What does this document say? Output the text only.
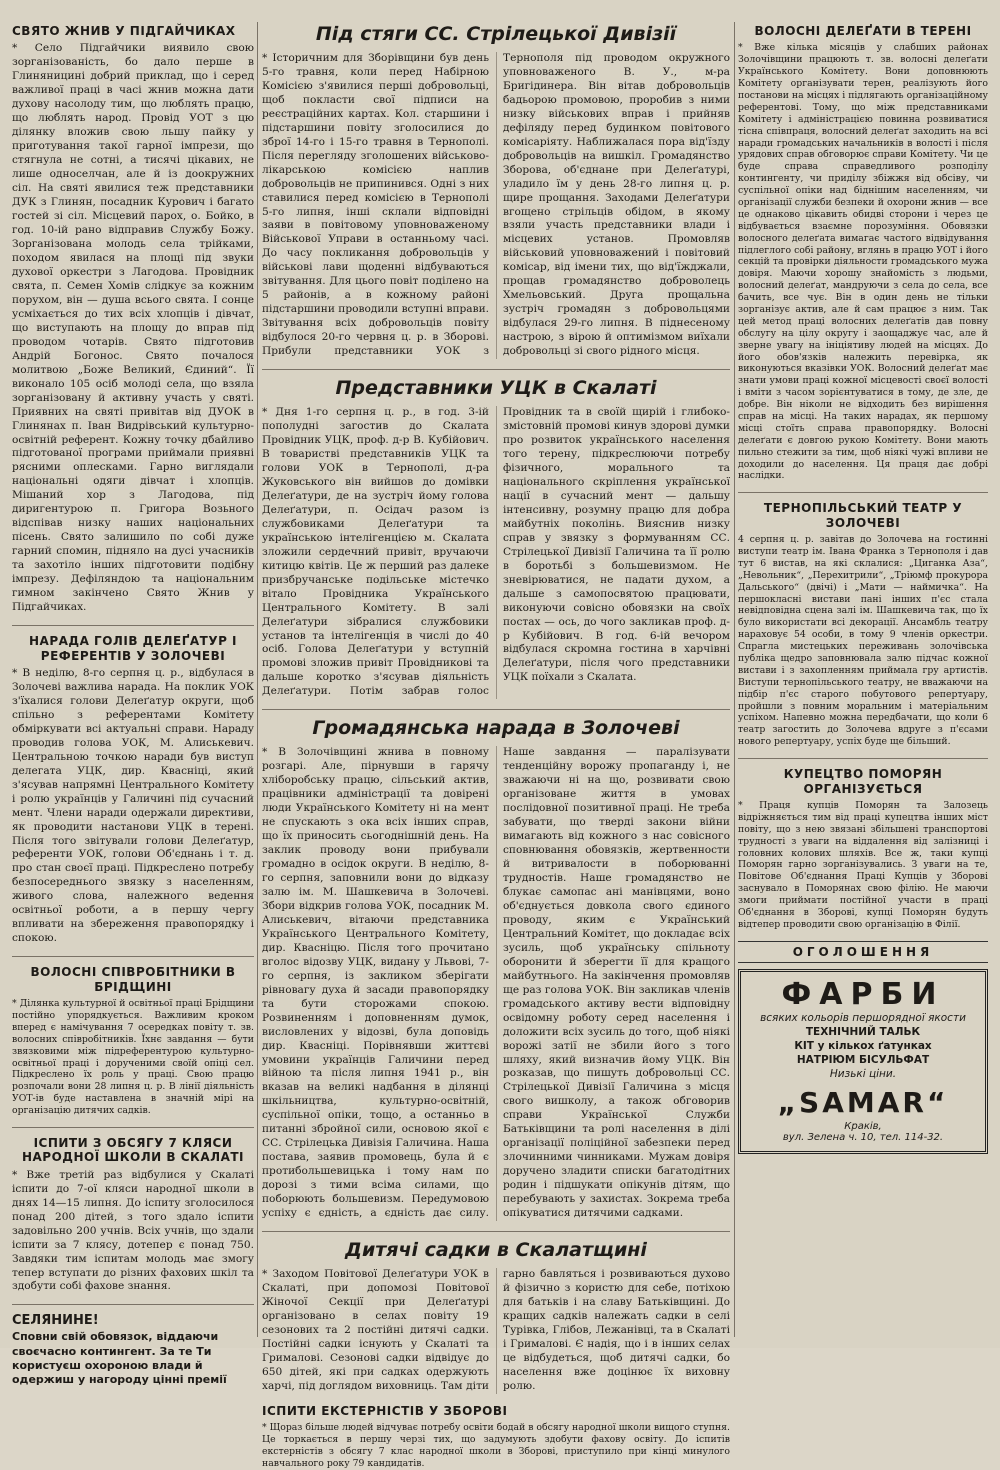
СВЯТО ЖНИВ У ПІДГАЙЧИКАХ

* Село Підгайчики виявило свою зорганізованість, бо дало перше в Глиняницині добрий приклад, що і серед важливої праці в часі жнив можна дати духову насолоду тим, що люблять працю, що люблять народ. Провід УОТ з цю ділянку вложив свою льшу пайку у приготування такої гарної імпрези, що стягнула не сотні, а тисячі цікавих, не лише односелчан, але й із доокружних сіл. На святі явилися теж представники ДУК з Глинян, посадник Курович і багато гостей зі сіл. Місцевий парох, о. Бойко, в год. 10-ій рано відправив Службу Божу. Зорганізована молодь села трійками, походом явилася на площі під звуки духової оркестри з Лагодова. Провідник свята, п. Семен Хомів слідкує за кожним порухом, він — душа всього свята. І сонце усміхається до тих всіх хлопців і дівчат, що виступають на площу до вправ під проводом чотарів. Свято підготовив Андрій Богонос. Свято почалося молитвою „Боже Великий, Єдиний“. Її виконало 105 осіб молоді села, що взяла зорганізовану й активну участь у святі. Приявних на святі привітав від ДУОК в Глинянах п. Іван Видрівський культурно-освітній референт. Кожну точку дбайливо підготованої програми приймали приявні рясними оплесками. Гарно виглядали національні одяги дівчат і хлопців. Мішаний хор з Лагодова, під диригентурою п. Григора Возьного відспівав низку наших національних пісень. Свято залишило по собі дуже гарний спомин, підняло на дусі учасників та захотіло інших підготовити подібну імпрезу. Дефіляндою та національним гимном закінчено Свято Жнив у Підгайчиках.

НАРАДА ГОЛІВ ДЕЛЕҐАТУР І РЕФЕРЕНТІВ У ЗОЛОЧЕВІ

* В неділю, 8-го серпня ц. р., відбулася в Золочеві важлива нарада. На поклик УОК з'їхалися голови Делеґатур округи, щоб спільно з референтами Комітету обміркувати всі актуальні справи. Нараду проводив голова УОК, М. Алиськевич. Центральною точкою наради був виступ делегата УЦК, дир. Кваснiці, який з'ясував напрямні Центрального Комітету і ролю українців у Галичині під сучасний мент. Члени наради одержали директиви, як проводити настанови УЦК в терені. Після того звітували голови Делеґатур, референти УОК, голови Об'єднань і т. д. про стан своєї праці. Підкреслено потребу безпосереднього звязку з населенням, живого слова, належного ведення освітньої роботи, а в першу чергу впливати на збереження правопорядку і спокою.

ВОЛОСНІ СПІВРОБІТНИКИ В БРІДЩИНІ

* Ділянка культурної й освітньої праці Брідщини постійно упорядкується. Важливим кроком вперед є намічування 7 осередках повіту т. зв. волосних співробітників. Їхнє завдання — бути звязковими між підреферентурою культурно-освітньої праці і дорученими своїй опіці сел. Підкреслено їх роль у праці. Свою працю розпочали вони 28 липня ц. р. В лінії діяльність УОТ-ів буде наставлена в значній мірі на організацію дитячих садків.

ІСПИТИ З ОБСЯГУ 7 КЛЯСИ НАРОДНОЇ ШКОЛИ В СКАЛАТІ

* Вже третій раз відбулися у Скалаті іспити до 7-ої кляси народної школи в днях 14—15 липня. До іспиту зголосилося понад 200 дітей, з того здало іспити задовільно 200 учнів. Всіх учнів, що здали іспити за 7 клясу, дотепер є понад 750. Завдяки тим іспитам молодь має змогу тепер вступати до різних фахових шкіл та здобути собі фахове знання.

СЕЛЯНИНЕ!
Сповни свій обовязок, віддаючи своєчасно контингент. За те Ти користуєш охороною влади й одержиш у нагороду цінні премії
Під стяги СС. Стрілецької Дивізії

* Історичним для Зборівщини був день 5-го травня, коли перед Набірною Комісією з'явилися перші добровольці, щоб покласти свої підписи на реєстраційних картах. Кол. старшини і підстаршини повіту зголосилися до зброї 14-го і 15-го травня в Тернополі. Після перегляду зголошених військово-лікарською комісією наплив добровольців не припинився. Одні з них ставилися перед комісією в Тернополі 5-го липня, інші склали відповідні заяви в повітовому уповновaжeному Військової Управи в останньому часі. До часу покликання добровольців у військові лави щоденні відбуваються звітування. Для цього повіт поділено на 5 районів, а в кожному районі підстаршини проводили вступні вправи. Звітування всіх добровольців повіту відбулося 20-го червня ц. р. в Зборові. Прибули представники УОК з Тернополя під проводом окружного уповноваженого В. У., м-ра Бригідинера. Він вітав добровольців бадьорою промовою, проробив з ними низку військових вправ і прийняв дефіляду перед будинком повітового комісаріяту. Наближалася пора від'їзду добровольців на вишкіл. Громадянство Зборова, об'єднане при Делеґатурі, уладило їм у день 28-го липня ц. р. щире прощання. Заходами Делеґатури вгощено стрільців обідом, в якому взяли участь представники влади і місцевих установ. Промовляв військовий уповноважений і повітовий комісар, від імени тих, що від'їжджали, прощав громадянство доброволець Хмельовський. Друга прощальна зустріч громадян з добровольцями відбулася 29-го липня. В піднесеному настрою, з вірою й оптимізмом виїхали добровольці зі свого рідного місця.

Представники УЦК в Скалаті

* Дня 1-го серпня ц. р., в год. 3-ій пополудні загостив до Скалата Провідник УЦК, проф. д-р В. Кубійович. В товаристві представників УЦК та голови УОК в Тернополі, д-ра Жуковського він вийшов до домівки Делеґатури, де на зустріч йому голова Делеґатури, п. Осідач разом із службовиками Делеґатури та українською інтелігенцією м. Скалата зложили сердечний привіт, вручаючи китицю квітів. Це ж перший раз далеке призбручанське подільське містечко вітало Провідника Українського Центрального Комітету. В залі Делеґатури зібралися службовики установ та інтелігенція в числі до 40 осіб. Голова Делеґатури у вступній промові зложив привіт Провідникові та дальше коротко з'ясував діяльність Делеґатури. Потім забрав голос Провідник та в своїй щирій і глибоко-змістовній промові кинув здорові думки про розвиток українського населення того терену, підкреслюючи потребу фізичного, морального та національного скріплення української нації в сучасний мент — дальшу інтенсивну, розумну працю для добра майбутніх поколінь. Вияснив низку справ у звязку з формуванням СС. Стрілецької Дивізії Галичина та її ролю в боротьбі з большевизмом. Не зневірюватися, не падати духом, а дальше з самопосвятою працювати, виконуючи совісно обовязки на своїх постах — ось, до чого закликав проф. д-р Кубійович. В год. 6-ій вечором відбулася скромна гостина в харчівні Делеґатури, після чого представники УЦК поїхали з Скалата.

Громадянська нарада в Золочеві

* В Золочівщині жнива в повному розгарі. Але, пірнувши в гарячу хліборобську працю, сільський актив, працівники адміністрації та довірені люди Українського Комітету ні на мент не спускають з ока всіх інших справ, що їх приносить сьогоднішній день. На заклик проводу вони прибували громадно в осідок округи. В неділю, 8-го серпня, заповнили вони до відказу залю ім. М. Шашкевича в Золочеві. Збори відкрив голова УОК, посадник М. Алиськевич, вітаючи представника Українського Центрального Комітету, дир. Кваснiцю. Після того прочитано вголос відозву УЦК, видану у Львові, 7-го серпня, із закликом зберігати рівновагу духа й засади правопорядку та бути сторожами спокою. Розвиненням і доповненням думок, висловлених у відозві, була доповідь дир. Кваснiці. Порівнявши життєві умовини українців Галичини перед війною та після липня 1941 р., він вказав на великі надбання в ділянці шкільництва, культурно-освітній, суспільної опіки, тощо, а останньо в питанні збройної сили, основою якої є СС. Стрілецька Дивізія Галичина. Наша постава, заявив промовець, була й є протибольшевицька і тому нам по дорозі з тими всіма силами, що поборюють большевизм. Передумовою успіху є єдність, а єдність дає силу. Наше завдання — паралізувати тенденційну ворожу пропаганду і, не звaжаючи ні на що, розвивати свою організоване життя в умовах послідовної позитивної праці. Не треба забувати, що тверді закони війни вимагають від кожного з нас совісного сповнювання обовязків, жертвенности й витривалости в поборюванні трудностів. Наше громадянство не блукає самопас ані манівцями, воно об'єднується довкола свого єдиного проводу, яким є Український Центральний Комітет, що докладає всіх зусиль, щоб українську спільноту оборонити й зберегти її для кращого майбутнього. На закінчення промовляв ще раз голова УОК. Він закликав членів громадського активу вести відповідну освідомну роботу серед населення і доложити всіх зусиль до того, щоб ніякі ворожі затії не збили його з того шляху, який визначив йому УЦК. Він розказав, що пишуть добровольці СС. Стрілецької Дивізії Галичина з місця свого вишколу, а також обговорив справи Української Служби Батьківщини та ролі населення в ділі організації поліційної забезпеки перед злочинними чинниками. Мужам довіря доручено зладити списки багатодітних родин і підшукати опікунів дітям, що перебувають у захистах. Зокрема треба опікуватися дитячими садками.

Дитячі садки в Скалатщині

* Заходом Повітової Делеґатури УОК в Скалаті, при допомозі Повітової Жіночої Секції при Делеґатурі організовано в селах повіту 19 сезонових та 2 постійні дитячі садки. Постійні садки існують у Скалаті та Грималові. Сезонові садки відвідує до 650 дітей, які при садках одержують харчі, під доглядом виховниць. Там діти гарно бавляться і розвиваються духово й фізично з користю для себе, потіхою для батьків і на славу Батьківщині. До кращих садків належать садки в селі Турівка, Глібов, Лежанівці, та в Скалаті і Грималові. Є надія, що і в інших селах це відбудеться, щоб дитячі садки, бо населення вже доцінює їх виховну ролю.

ІСПИТИ ЕКСТЕРНІСТІВ У ЗБОРОВІ

* Щораз більше людей відчуває потребу освіти бодай в обсягу народної школи вищого ступня. Це торкається в першу черзі тих, що задумують здобути фахову освіту. До іспитів екстерністів з обсягу 7 клас народної школи в Зборові, приступило при кінці минулого навчального року 79 кандидатів.

ВОЛОСНІ ДЕЛЕҐАТИ В ТЕРЕНІ

* Вже кілька місяців у слабших районах Золочівщини працюють т. зв. волосні делеґати Українського Комітету. Вони доповнюють Комітету організувати терен, реалізують його постанови на місцях і підлягають організаційному референтові. Тому, що між представниками Комітету і адміністрацією повинна розвиватися тісна співпраця, волосний делеґат заходить на всі наради громадських начальників в волості і після урядових справ обговорює справи Комітету. Чи це буде справа справедливого розподілу контингенту, чи приділу збіжжя від обсіву, чи суспільної опіки над біднішим населенням, чи організації служби безпеки й охорони жнив — все це однаково цікавить обидві сторони і через це відбувається взаємне порозуміння. Обовязки волосного делеґата вимагає частого відвідування підлеглого собі району, вглянь в працю УОТ і його секцій та провірки діяльности громадського мужа довіря. Маючи хорошу знайомість з людьми, волосний делеґат, мандруючи з села до села, все бачить, все чує. Він в один день не тільки зорганізує актив, але й сам працює з ним. Так цей метод праці волосних делеґатів дав повну обслугу на цілу округу і заощаджує час, але й зверне увагу на ініціятиву людей на місцях. До його обов'язків належить перевірка, як виконуються вказівки УОК. Волосний делеґат має знати умови праці кожної місцевості своєї волості і вміти з часом зорієнтуватися в тому, де зле, де добре. Він ніколи не відходить без вирішення справ на місці. На таких нарадах, як першому місці стоїть справа правопорядку. Волосні делеґати є довгою рукою Комітету. Вони мають пильно стежити за тим, щоб ніякі чужі впливи не доходили до населення. Ця праця дає добрі наслідки.

ТЕРНОПІЛЬСЬКИЙ ТЕАТР У ЗОЛОЧЕВІ

4 серпня ц. р. завітав до Золочева на гостинні виступи театр ім. Івана Франка з Тернополя і дав тут 6 вистав, на які склалися: „Циганка Аза“, „Невольник“, „Перехитрили“, „Тріюмф прокурора Дальського“ (двічі) і „Мати — наймичка“. На першокласні вистави пані інших п'єс стала невідповідна сцена залі ім. Шашкевича так, що їх було використати всі декорації. Ансамбль театру нараховує 54 особи, в тому 9 членів оркестри. Спрагла мистецьких переживань золочівська публіка щедро заповнювала залю підчас кожної вистави і з захопленням приймала гру артистів. Виступи тернопільського театру, не вважаючи на підбір п'єс старого побутового репертуару, пройшли з повним моральним і матеріальним успіхом. Напевно можна передбачати, що коли 6 театр загостить до Золочева вдруге з п'єсами нового репертуару, успіх буде ще більший.

КУПЕЦТВО ПОМОРЯН ОРГАНІЗУЄТЬСЯ

* Праця купців Поморян та Залозець відріжняється тим від праці купецтва інших міст повіту, що з нею звязані збільшені транспортові трудності з уваги на віддалення від залізниці і головних колових шляхів. Все ж, таки купці Поморян гарно зорганізувались. З уваги на те, Повітове Об'єднання Праці Купців у Зборові заснувало в Поморянах свою філію. Не маючи змоги приймати постійної участи в праці Об'єднання в Зборові, купці Поморян будуть відтепер проводити свою організацію в Філії.

ОГОЛОШЕННЯ
ФАРБИ
всяких кольорів першорядної якости
ТЕХНІЧНИЙ ТАЛЬК
КІТ у кількох ґатунках
НАТРІЮМ БІСУЛЬФАТ
Низькі ціни.
„SAMAR“
Краків,
вул. Зелена ч. 10, тел. 114-32.
